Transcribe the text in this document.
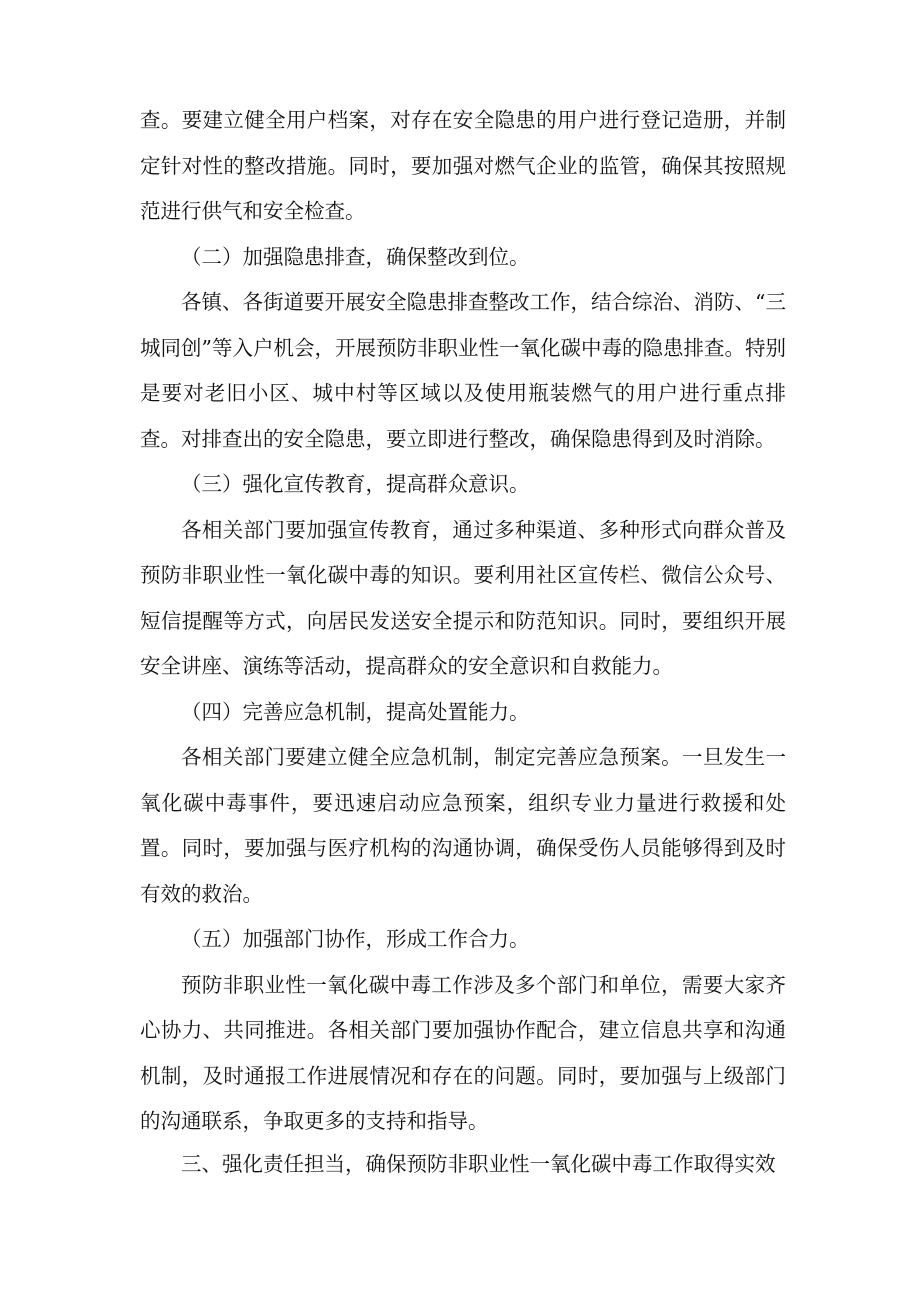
查。要建立健全用户档案，对存在安全隐患的用户进行登记造册，并制定针对性的整改措施。同时，要加强对燃气企业的监管，确保其按照规范进行供气和安全检查。

（二）加强隐患排查，确保整改到位。

各镇、各街道要开展安全隐患排查整改工作，结合综治、消防、“三城同创”等入户机会，开展预防非职业性一氧化碳中毒的隐患排查。特别是要对老旧小区、城中村等区域以及使用瓶装燃气的用户进行重点排查。对排查出的安全隐患，要立即进行整改，确保隐患得到及时消除。

（三）强化宣传教育，提高群众意识。

各相关部门要加强宣传教育，通过多种渠道、多种形式向群众普及预防非职业性一氧化碳中毒的知识。要利用社区宣传栏、微信公众号、短信提醒等方式，向居民发送安全提示和防范知识。同时，要组织开展安全讲座、演练等活动，提高群众的安全意识和自救能力。

（四）完善应急机制，提高处置能力。

各相关部门要建立健全应急机制，制定完善应急预案。一旦发生一氧化碳中毒事件，要迅速启动应急预案，组织专业力量进行救援和处置。同时，要加强与医疗机构的沟通协调，确保受伤人员能够得到及时有效的救治。

（五）加强部门协作，形成工作合力。

预防非职业性一氧化碳中毒工作涉及多个部门和单位，需要大家齐心协力、共同推进。各相关部门要加强协作配合，建立信息共享和沟通机制，及时通报工作进展情况和存在的问题。同时，要加强与上级部门的沟通联系，争取更多的支持和指导。

三、强化责任担当，确保预防非职业性一氧化碳中毒工作取得实效
